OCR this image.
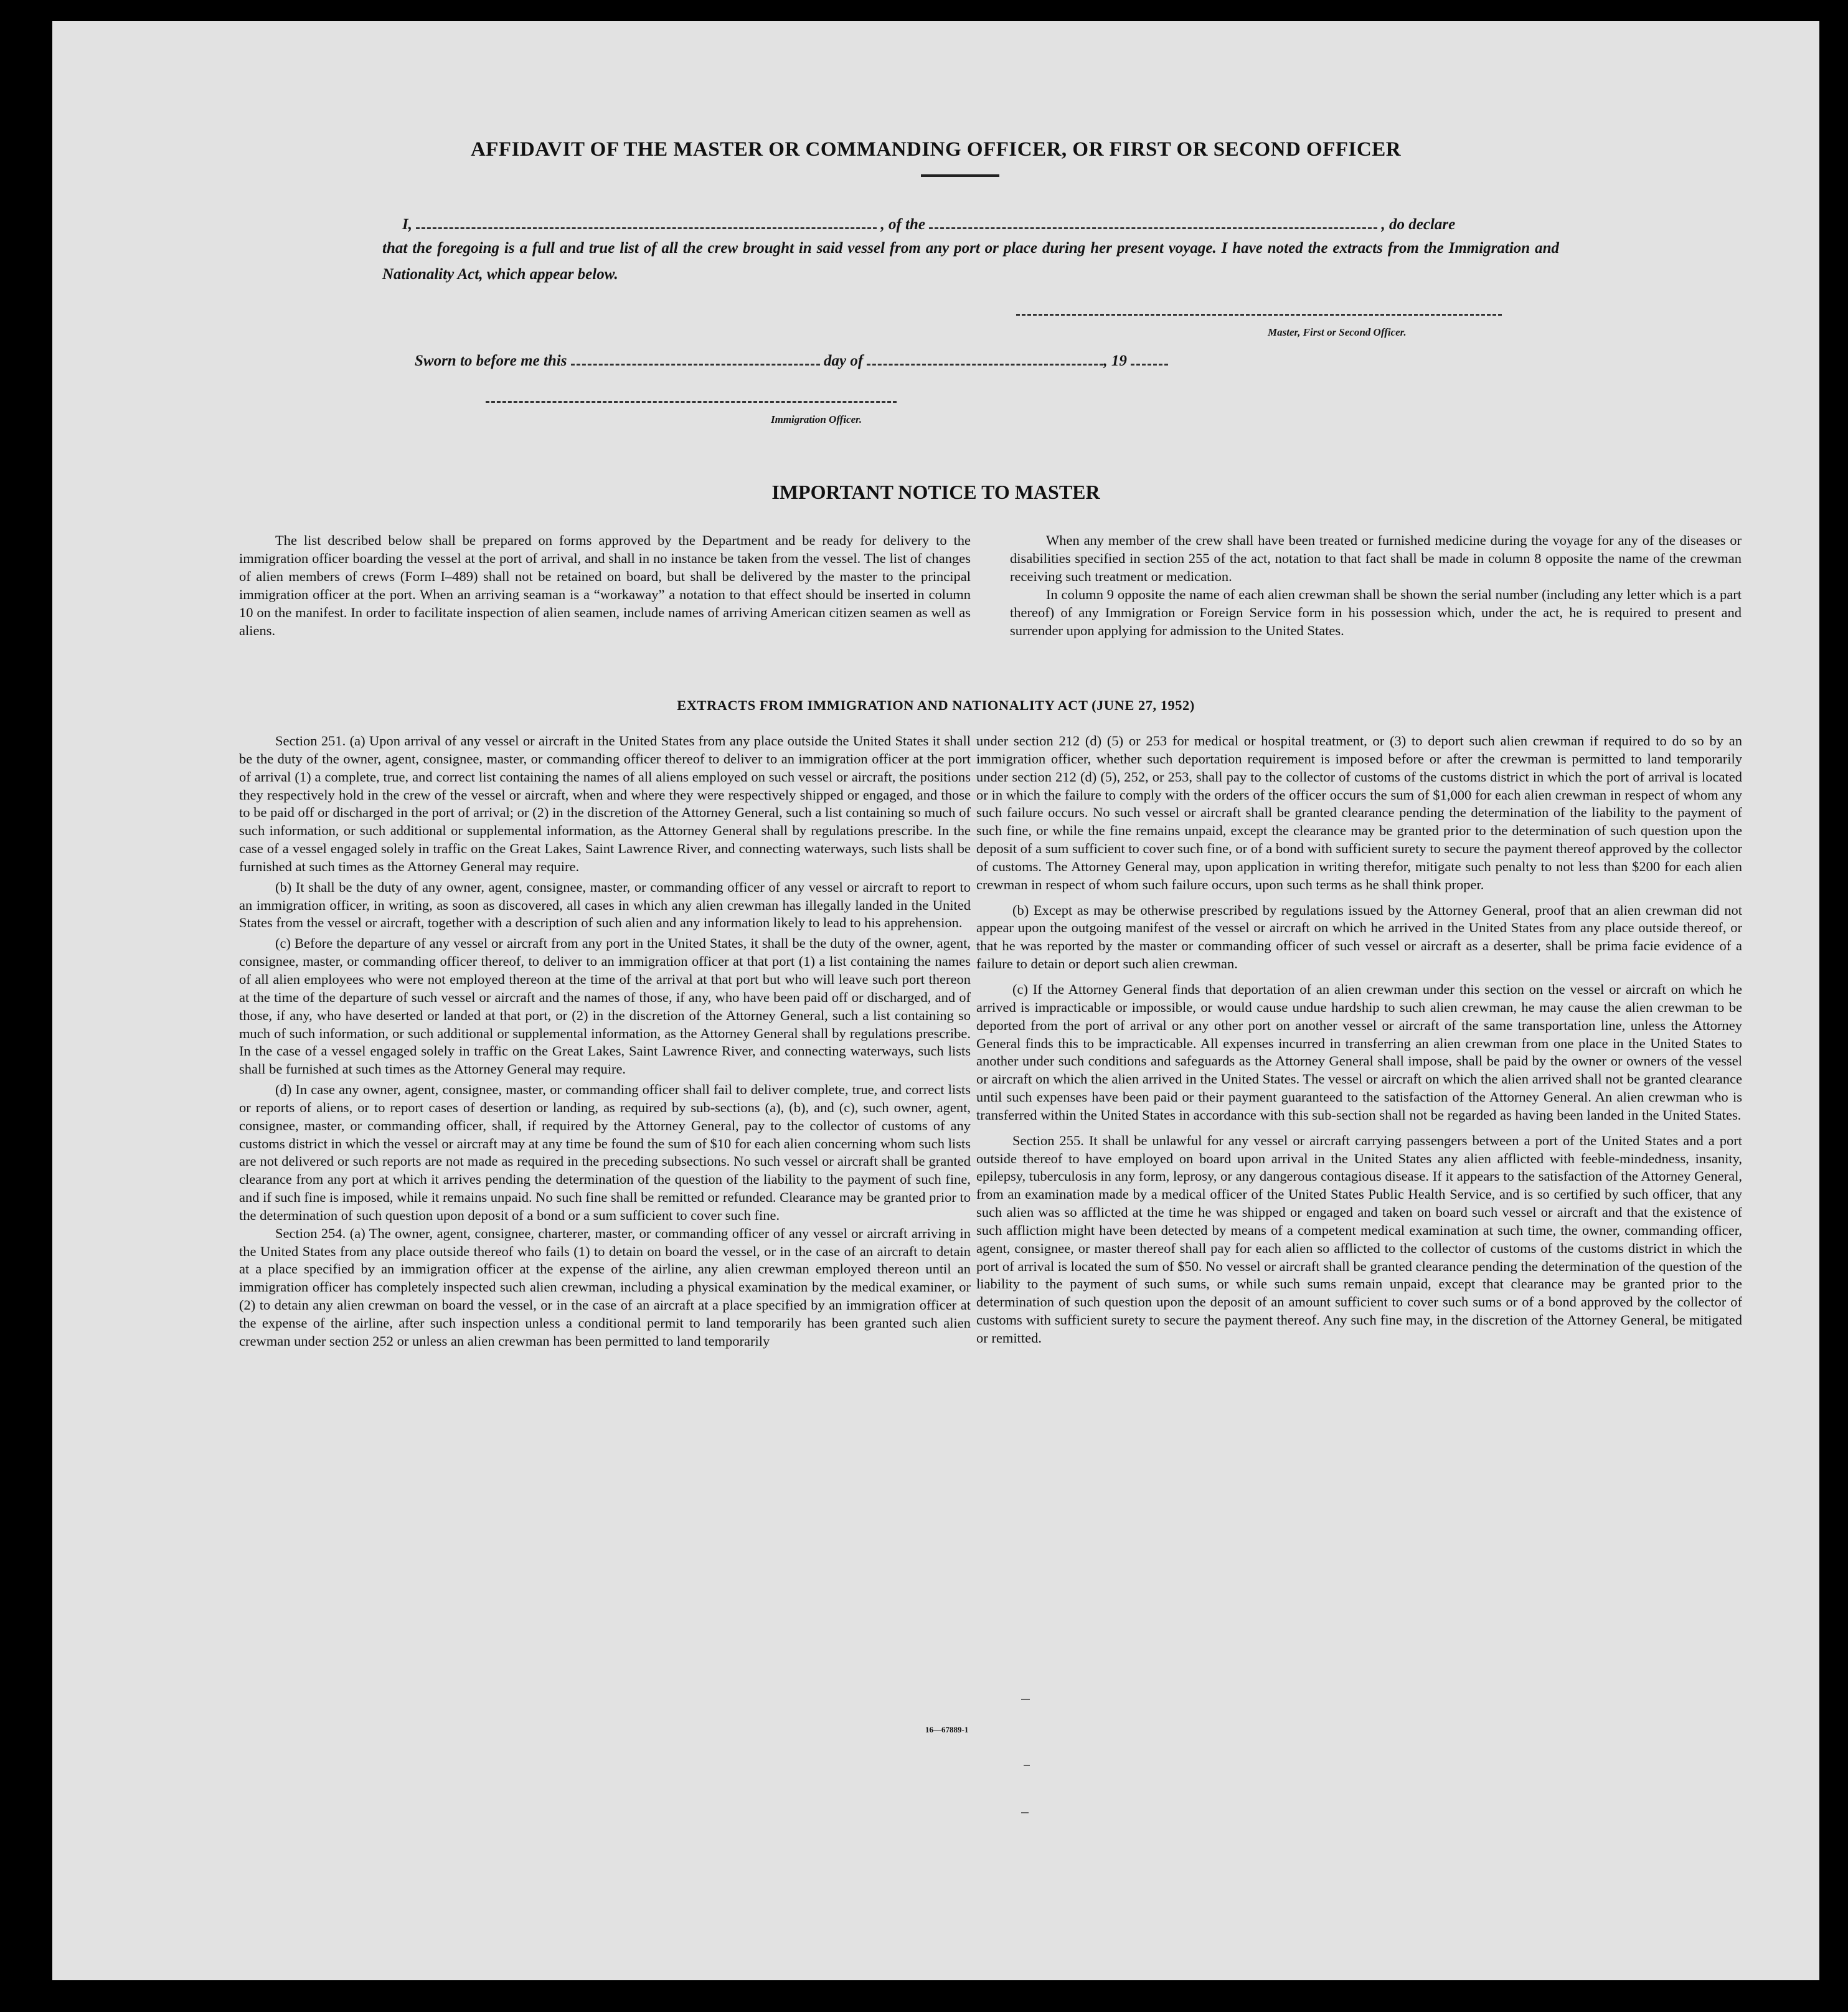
AFFIDAVIT OF THE MASTER OR COMMANDING OFFICER, OR FIRST OR SECOND OFFICER
I,	, of the	, do declare
that the foregoing is a full and true list of all the crew brought in said vessel from any port or place during her present voyage. I have noted the extracts from the Immigration and Nationality Act, which appear below.
Master, First or Second Officer.
Sworn to before me this	day of	, 19
Immigration Officer.
IMPORTANT NOTICE TO MASTER

The list described below shall be prepared on forms approved by the Department and be ready for delivery to the immigration officer boarding the vessel at the port of arrival, and shall in no instance be taken from the vessel. The list of changes of alien members of crews (Form I–489) shall not be retained on board, but shall be delivered by the master to the principal immigration officer at the port. When an arriving seaman is a “workaway” a notation to that effect should be inserted in column 10 on the manifest. In order to facilitate inspection of alien seamen, include names of arriving American citizen seamen as well as aliens.

When any member of the crew shall have been treated or furnished medicine during the voyage for any of the diseases or disabilities specified in section 255 of the act, notation to that fact shall be made in column 8 opposite the name of the crewman receiving such treatment or medication.

In column 9 opposite the name of each alien crewman shall be shown the serial number (including any letter which is a part thereof) of any Immigration or Foreign Service form in his possession which, under the act, he is required to present and surrender upon applying for admission to the United States.

EXTRACTS FROM IMMIGRATION AND NATIONALITY ACT (JUNE 27, 1952)

Section 251. (a) Upon arrival of any vessel or aircraft in the United States from any place outside the United States it shall be the duty of the owner, agent, consignee, master, or commanding officer thereof to deliver to an immigration officer at the port of arrival (1) a complete, true, and correct list containing the names of all aliens employed on such vessel or aircraft, the positions they respectively hold in the crew of the vessel or aircraft, when and where they were respectively shipped or engaged, and those to be paid off or discharged in the port of arrival; or (2) in the discretion of the Attorney General, such a list containing so much of such information, or such additional or supplemental information, as the Attorney General shall by regulations prescribe. In the case of a vessel engaged solely in traffic on the Great Lakes, Saint Lawrence River, and connecting waterways, such lists shall be furnished at such times as the Attorney General may require.

(b) It shall be the duty of any owner, agent, consignee, master, or commanding officer of any vessel or aircraft to report to an immigration officer, in writing, as soon as discovered, all cases in which any alien crewman has illegally landed in the United States from the vessel or aircraft, together with a description of such alien and any information likely to lead to his apprehension.

(c) Before the departure of any vessel or aircraft from any port in the United States, it shall be the duty of the owner, agent, consignee, master, or commanding officer thereof, to deliver to an immigration officer at that port (1) a list containing the names of all alien employees who were not employed thereon at the time of the arrival at that port but who will leave such port thereon at the time of the departure of such vessel or aircraft and the names of those, if any, who have been paid off or discharged, and of those, if any, who have deserted or landed at that port, or (2) in the discretion of the Attorney General, such a list containing so much of such information, or such additional or supplemental information, as the Attorney General shall by regulations prescribe. In the case of a vessel engaged solely in traffic on the Great Lakes, Saint Lawrence River, and connecting waterways, such lists shall be furnished at such times as the Attorney General may require.

(d) In case any owner, agent, consignee, master, or commanding officer shall fail to deliver complete, true, and correct lists or reports of aliens, or to report cases of desertion or landing, as required by sub-sections (a), (b), and (c), such owner, agent, consignee, master, or commanding officer, shall, if required by the Attorney General, pay to the collector of customs of any customs district in which the vessel or aircraft may at any time be found the sum of $10 for each alien concerning whom such lists are not delivered or such reports are not made as required in the preceding subsections. No such vessel or aircraft shall be granted clearance from any port at which it arrives pending the determination of the question of the liability to the payment of such fine, and if such fine is imposed, while it remains unpaid. No such fine shall be remitted or refunded. Clearance may be granted prior to the determination of such question upon deposit of a bond or a sum sufficient to cover such fine.

Section 254. (a) The owner, agent, consignee, charterer, master, or commanding officer of any vessel or aircraft arriving in the United States from any place outside thereof who fails (1) to detain on board the vessel, or in the case of an aircraft to detain at a place specified by an immigration officer at the expense of the airline, any alien crewman employed thereon until an immigration officer has completely inspected such alien crewman, including a physical examination by the medical examiner, or (2) to detain any alien crewman on board the vessel, or in the case of an aircraft at a place specified by an immigration officer at the expense of the airline, after such inspection unless a conditional permit to land temporarily has been granted such alien crewman under section 252 or unless an alien crewman has been permitted to land temporarily

under section 212 (d) (5) or 253 for medical or hospital treatment, or (3) to deport such alien crewman if required to do so by an immigration officer, whether such deportation requirement is imposed before or after the crewman is permitted to land temporarily under section 212 (d) (5), 252, or 253, shall pay to the collector of customs of the customs district in which the port of arrival is located or in which the failure to comply with the orders of the officer occurs the sum of $1,000 for each alien crewman in respect of whom any such failure occurs. No such vessel or aircraft shall be granted clearance pending the determination of the liability to the payment of such fine, or while the fine remains unpaid, except the clearance may be granted prior to the determination of such question upon the deposit of a sum sufficient to cover such fine, or of a bond with sufficient surety to secure the payment thereof approved by the collector of customs. The Attorney General may, upon application in writing therefor, mitigate such penalty to not less than $200 for each alien crewman in respect of whom such failure occurs, upon such terms as he shall think proper.

(b) Except as may be otherwise prescribed by regulations issued by the Attorney General, proof that an alien crewman did not appear upon the outgoing manifest of the vessel or aircraft on which he arrived in the United States from any place outside thereof, or that he was reported by the master or commanding officer of such vessel or aircraft as a deserter, shall be prima facie evidence of a failure to detain or deport such alien crewman.

(c) If the Attorney General finds that deportation of an alien crewman under this section on the vessel or aircraft on which he arrived is impracticable or impossible, or would cause undue hardship to such alien crewman, he may cause the alien crewman to be deported from the port of arrival or any other port on another vessel or aircraft of the same transportation line, unless the Attorney General finds this to be impracticable. All expenses incurred in transferring an alien crewman from one place in the United States to another under such conditions and safeguards as the Attorney General shall impose, shall be paid by the owner or owners of the vessel or aircraft on which the alien arrived in the United States. The vessel or aircraft on which the alien arrived shall not be granted clearance until such expenses have been paid or their payment guaranteed to the satisfaction of the Attorney General. An alien crewman who is transferred within the United States in accordance with this sub-section shall not be regarded as having been landed in the United States.

Section 255. It shall be unlawful for any vessel or aircraft carrying passengers between a port of the United States and a port outside thereof to have employed on board upon arrival in the United States any alien afflicted with feeble-mindedness, insanity, epilepsy, tuberculosis in any form, leprosy, or any dangerous contagious disease. If it appears to the satisfaction of the Attorney General, from an examination made by a medical officer of the United States Public Health Service, and is so certified by such officer, that any such alien was so afflicted at the time he was shipped or engaged and taken on board such vessel or aircraft and that the existence of such affliction might have been detected by means of a competent medical examination at such time, the owner, commanding officer, agent, consignee, or master thereof shall pay for each alien so afflicted to the collector of customs of the customs district in which the port of arrival is located the sum of $50. No vessel or aircraft shall be granted clearance pending the determination of the question of the liability to the payment of such sums, or while such sums remain unpaid, except that clearance may be granted prior to the determination of such question upon the deposit of an amount sufficient to cover such sums or of a bond approved by the collector of customs with sufficient surety to secure the payment thereof. Any such fine may, in the discretion of the Attorney General, be mitigated or remitted.

16—67889-1
